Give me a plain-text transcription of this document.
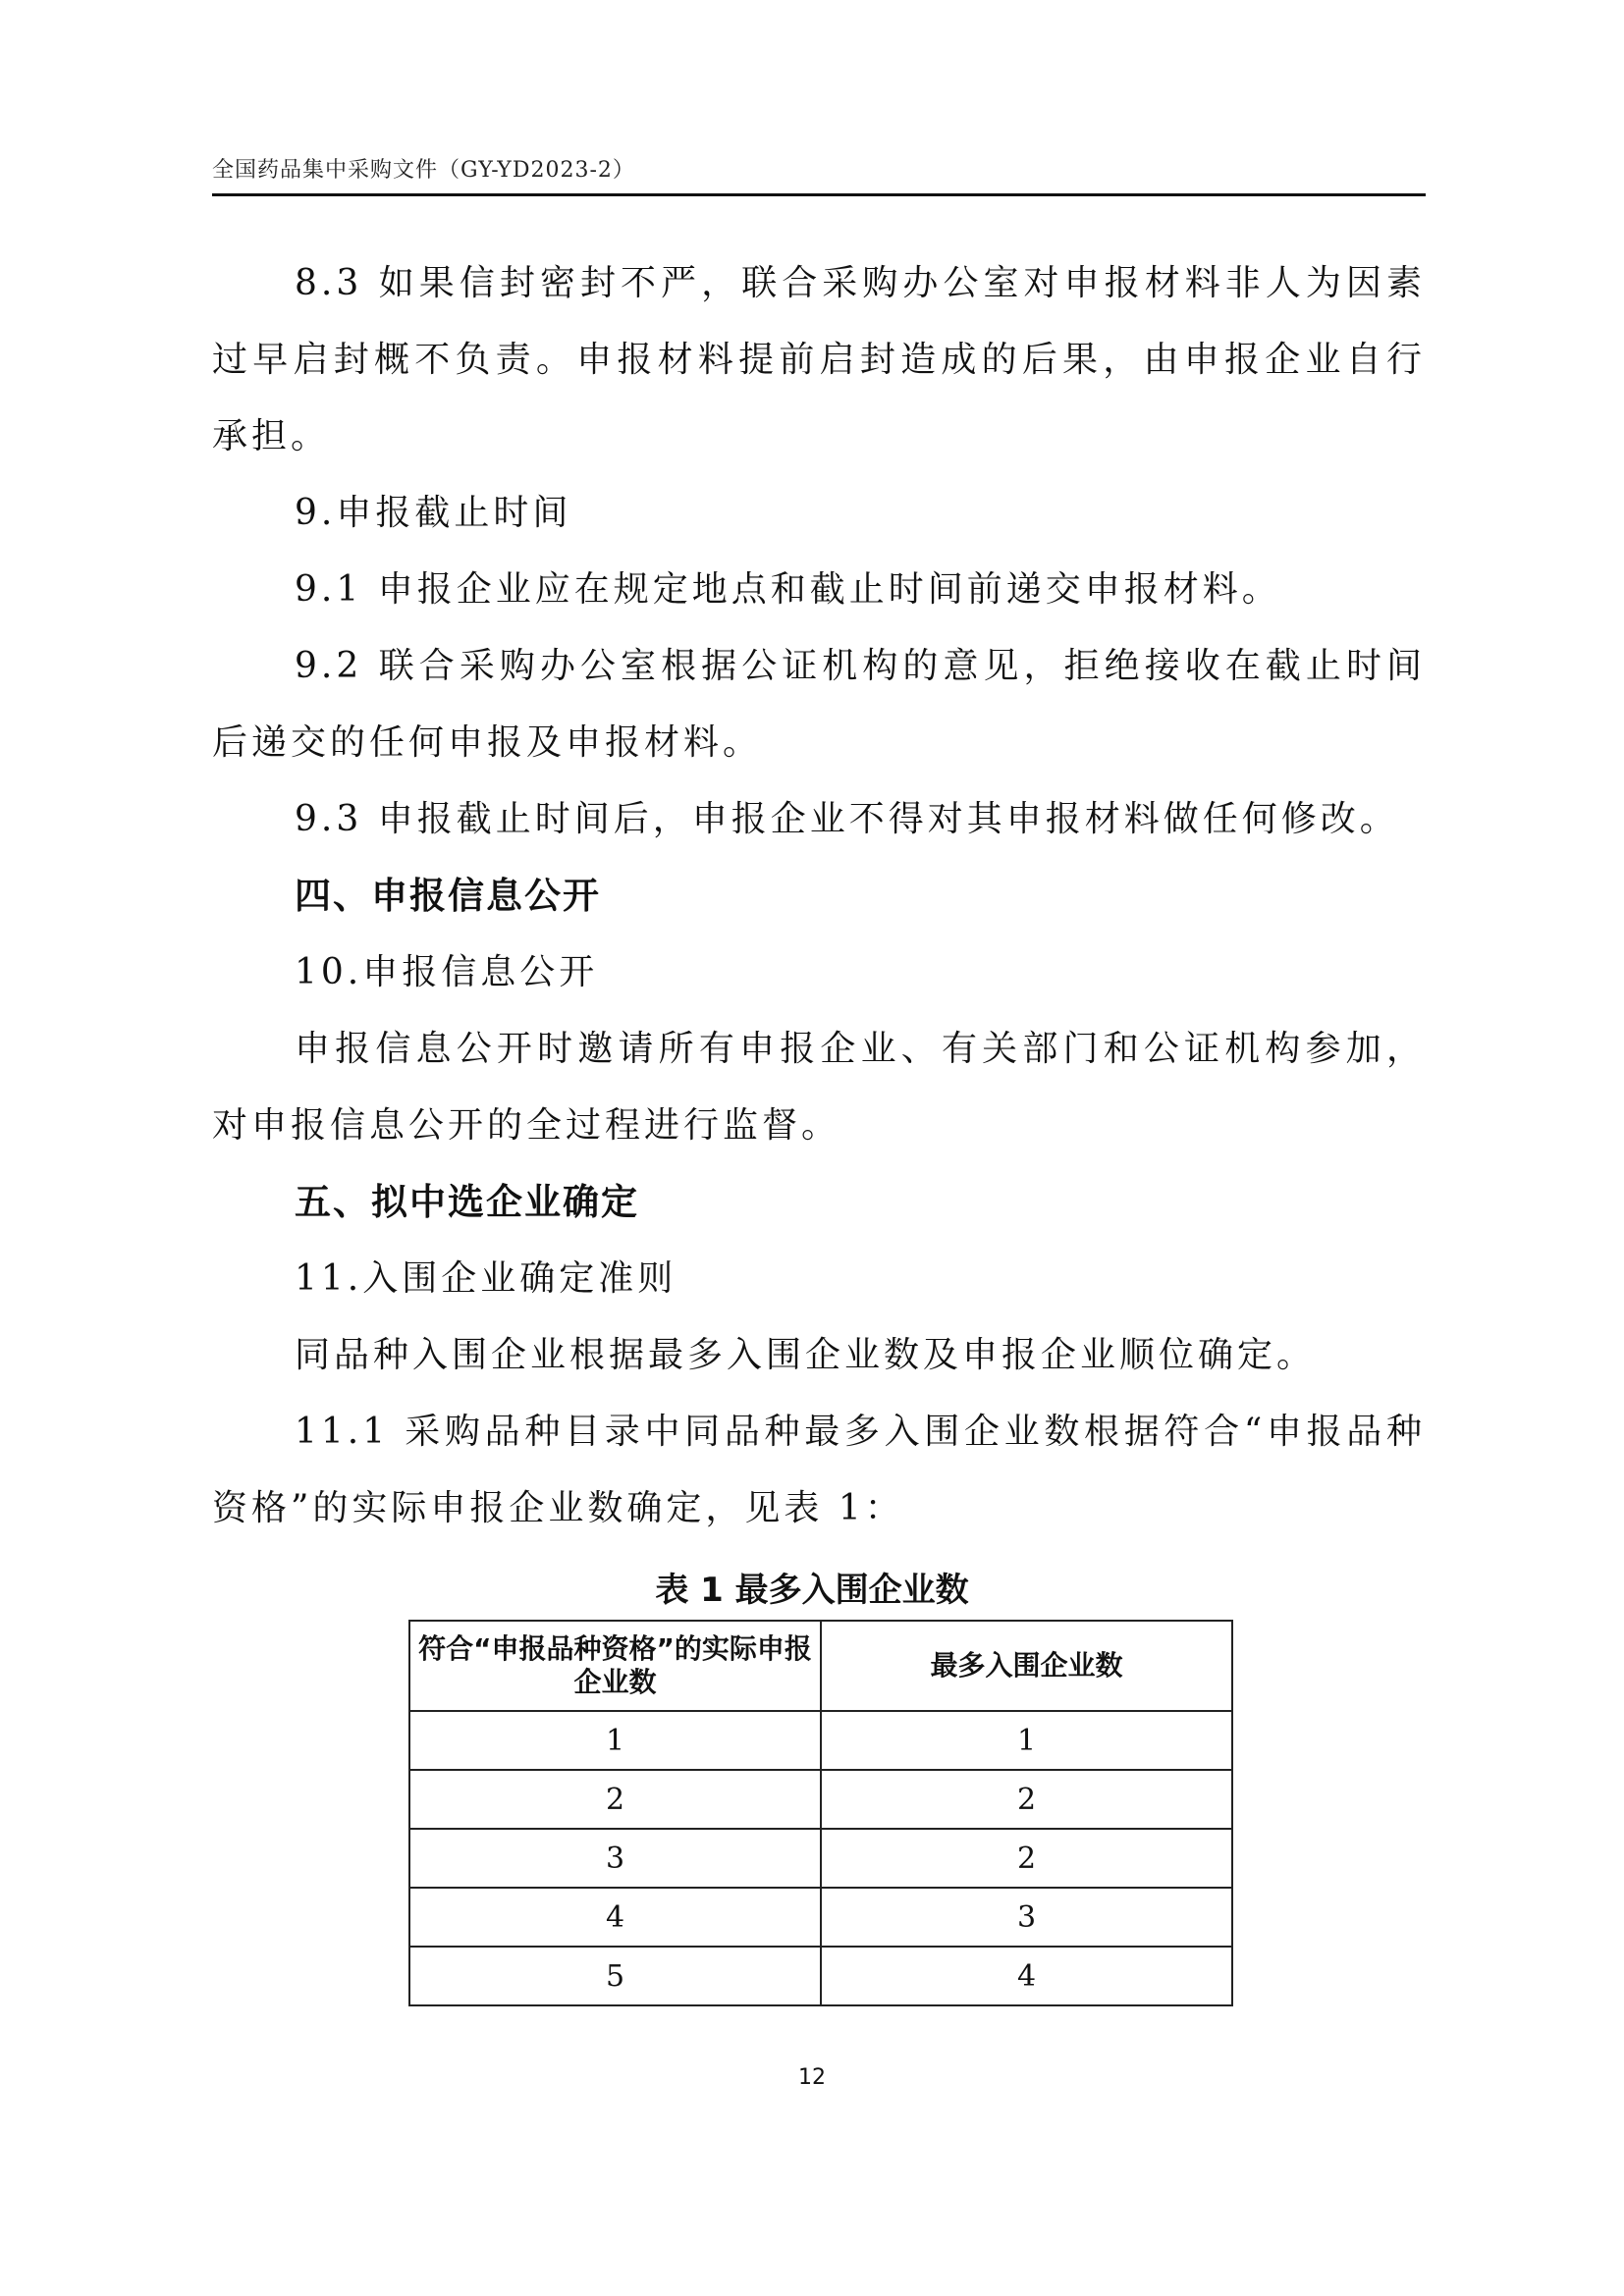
全国药品集中采购文件（GY-YD2023-2）

8.3 如果信封密封不严，联合采购办公室对申报材料非人为因素过早启封概不负责。申报材料提前启封造成的后果，由申报企业自行承担。

9.申报截止时间

9.1 申报企业应在规定地点和截止时间前递交申报材料。

9.2 联合采购办公室根据公证机构的意见，拒绝接收在截止时间后递交的任何申报及申报材料。

9.3 申报截止时间后，申报企业不得对其申报材料做任何修改。

四、申报信息公开

10.申报信息公开

申报信息公开时邀请所有申报企业、有关部门和公证机构参加，对申报信息公开的全过程进行监督。

五、拟中选企业确定

11.入围企业确定准则

同品种入围企业根据最多入围企业数及申报企业顺位确定。

11.1 采购品种目录中同品种最多入围企业数根据符合“申报品种资格”的实际申报企业数确定，见表 1：

表 1 最多入围企业数
符合“申报品种资格”的实际申报企业数	最多入围企业数
1	1
2	2
3	2
4	3
5	4
12
